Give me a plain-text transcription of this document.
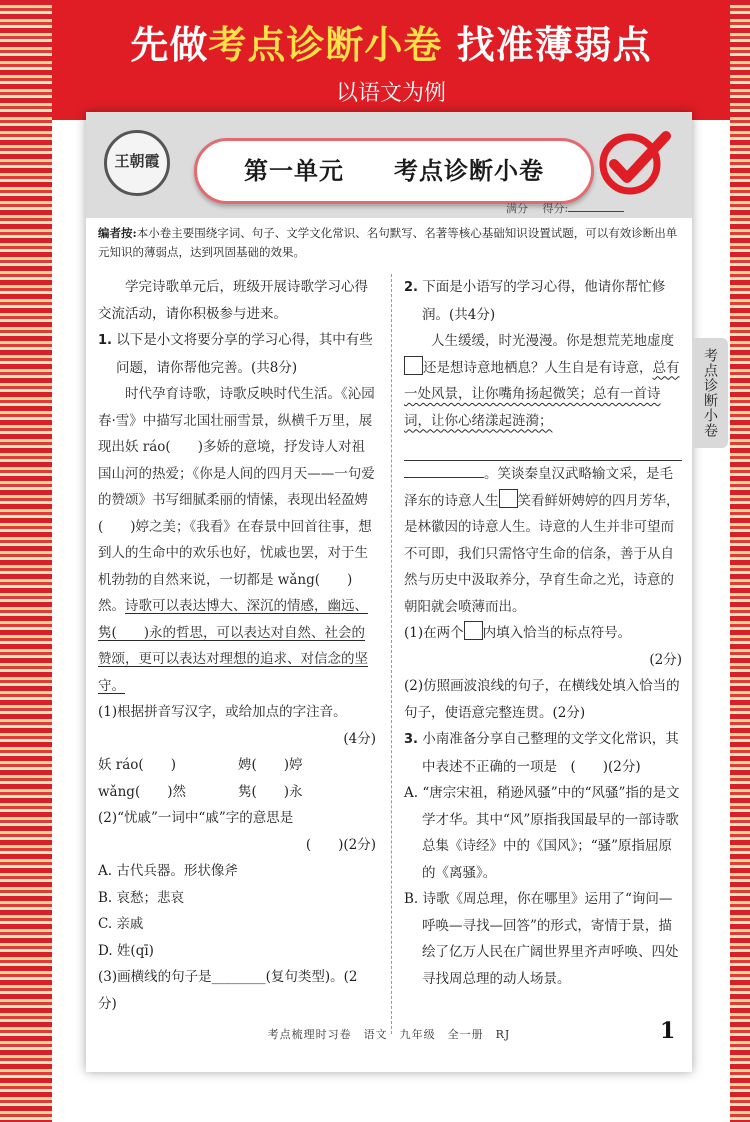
先做考点诊断小卷 找准薄弱点
以语文为例
王朝霞	第一单元　　考点诊断小卷
满分 　得分:
编者按:本小卷主要围绕字词、句子、文学文化常识、名句默写、名著等核心基础知识设置试题，可以有效诊断出单元知识的薄弱点，达到巩固基础的效果。

学完诗歌单元后，班级开展诗歌学习心得交流活动，请你积极参与进来。

1. 以下是小文将要分享的学习心得，其中有些问题，请你帮他完善。(共8分)

时代孕育诗歌，诗歌反映时代生活。《沁园春·雪》中描写北国壮丽雪景，纵横千万里，展现出妖 ráo(　　)多娇的意境，抒发诗人对祖国山河的热爱；《你是人间的四月天——一句爱的赞颂》书写细腻柔丽的情愫，表现出轻盈娉(　　)婷之美；《我看》在春景中回首往事，想到人的生命中的欢乐也好，忧戚也罢，对于生机勃勃的自然来说，一切都是 wǎng(　　)然。诗歌可以表达博大、深沉的情感，幽远、隽(　　)永的哲思，可以表达对自然、社会的赞颂，更可以表达对理想的追求、对信念的坚守。

(1)根据拼音写汉字，或给加点的字注音。

(4分)

妖 ráo(　　)	娉(　　)婷

wǎng(　　)然	隽(　　)永

(2)“忧戚”一词中“戚”字的意思是

(　　)(2分)

A. 古代兵器。形状像斧

B. 哀愁；悲哀

C. 亲戚

D. 姓(qī)

(3)画横线的句子是________(复句类型)。(2分)

2. 下面是小语写的学习心得，他请你帮忙修润。(共4分)

人生缓缓，时光漫漫。你是想荒芜地虚度还是想诗意地栖息？人生自是有诗意，总有一处风景，让你嘴角扬起微笑；总有一首诗词，让你心绪漾起涟漪；

。笑谈秦皇汉武略输文采，是毛泽东的诗意人生 笑看鲜妍娉婷的四月芳华，是林徽因的诗意人生。诗意的人生并非可望而不可即，我们只需恪守生命的信条，善于从自然与历史中汲取养分，孕育生命之光，诗意的朝阳就会喷薄而出。

(1)在两个 内填入恰当的标点符号。

(2分)

(2)仿照画波浪线的句子，在横线处填入恰当的句子，使语意完整连贯。(2分)

3. 小南准备分享自己整理的文学文化常识，其中表述不正确的一项是　(　　)(2分)

A. “唐宗宋祖，稍逊风骚”中的“风骚”指的是文学才华。其中“风”原指我国最早的一部诗歌总集《诗经》中的《国风》；“骚”原指屈原的《离骚》。

B. 诗歌《周总理，你在哪里》运用了“询问—呼唤—寻找—回答”的形式，寄情于景，描绘了亿万人民在广阔世界里齐声呼唤、四处寻找周总理的动人场景。

考点梳理时习卷　语文　九年级　全一册　RJ	1
考点诊断小卷
